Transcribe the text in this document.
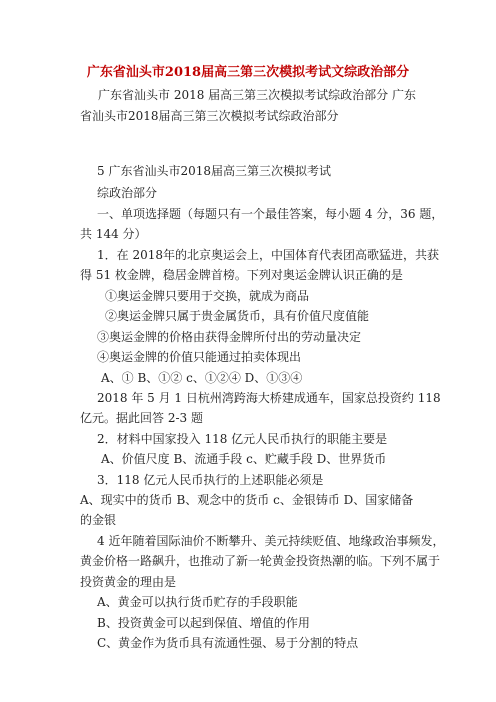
广东省汕头市2018届高三第三次模拟考试文综政治部分
广东省汕头市 2018 届高三第三次模拟考试综政治部分 广东
省汕头市2018届高三第三次模拟考试综政治部分
5 广东省汕头市2018届高三第三次模拟考试
综政治部分
一、单项选择题（每题只有一个最佳答案，每小题 4 分，36 题，
共 144 分）
1．在 2018年的北京奥运会上，中国体育代表团高歌猛进，共获
得 51 枚金牌，稳居金牌首榜。下列对奥运金牌认识正确的是
①奥运金牌只要用于交换，就成为商品
②奥运金牌只属于贵金属货币，具有价值尺度值能
③奥运金牌的价格由获得金牌所付出的劳动量决定
④奥运金牌的价值只能通过拍卖体现出
A、① B、①② c、①②④ D、①③④
2018 年 5 月 1 日杭州湾跨海大桥建成通车，国家总投资约 118
亿元。据此回答 2-3 题
2．材料中国家投入 118 亿元人民币执行的职能主要是
A、价值尺度 B、流通手段 c、贮藏手段 D、世界货币
3．118 亿元人民币执行的上述职能必须是
A、现实中的货币 B、观念中的货币 c、金银铸币 D、国家储备
的金银
4 近年随着国际油价不断攀升、美元持续贬值、地缘政治事频发，
黄金价格一路飙升，也推动了新一轮黄金投资热潮的临。下列不属于
投资黄金的理由是
A、黄金可以执行货币贮存的手段职能
B、投资黄金可以起到保值、增值的作用
C、黄金作为货币具有流通性强、易于分割的特点
